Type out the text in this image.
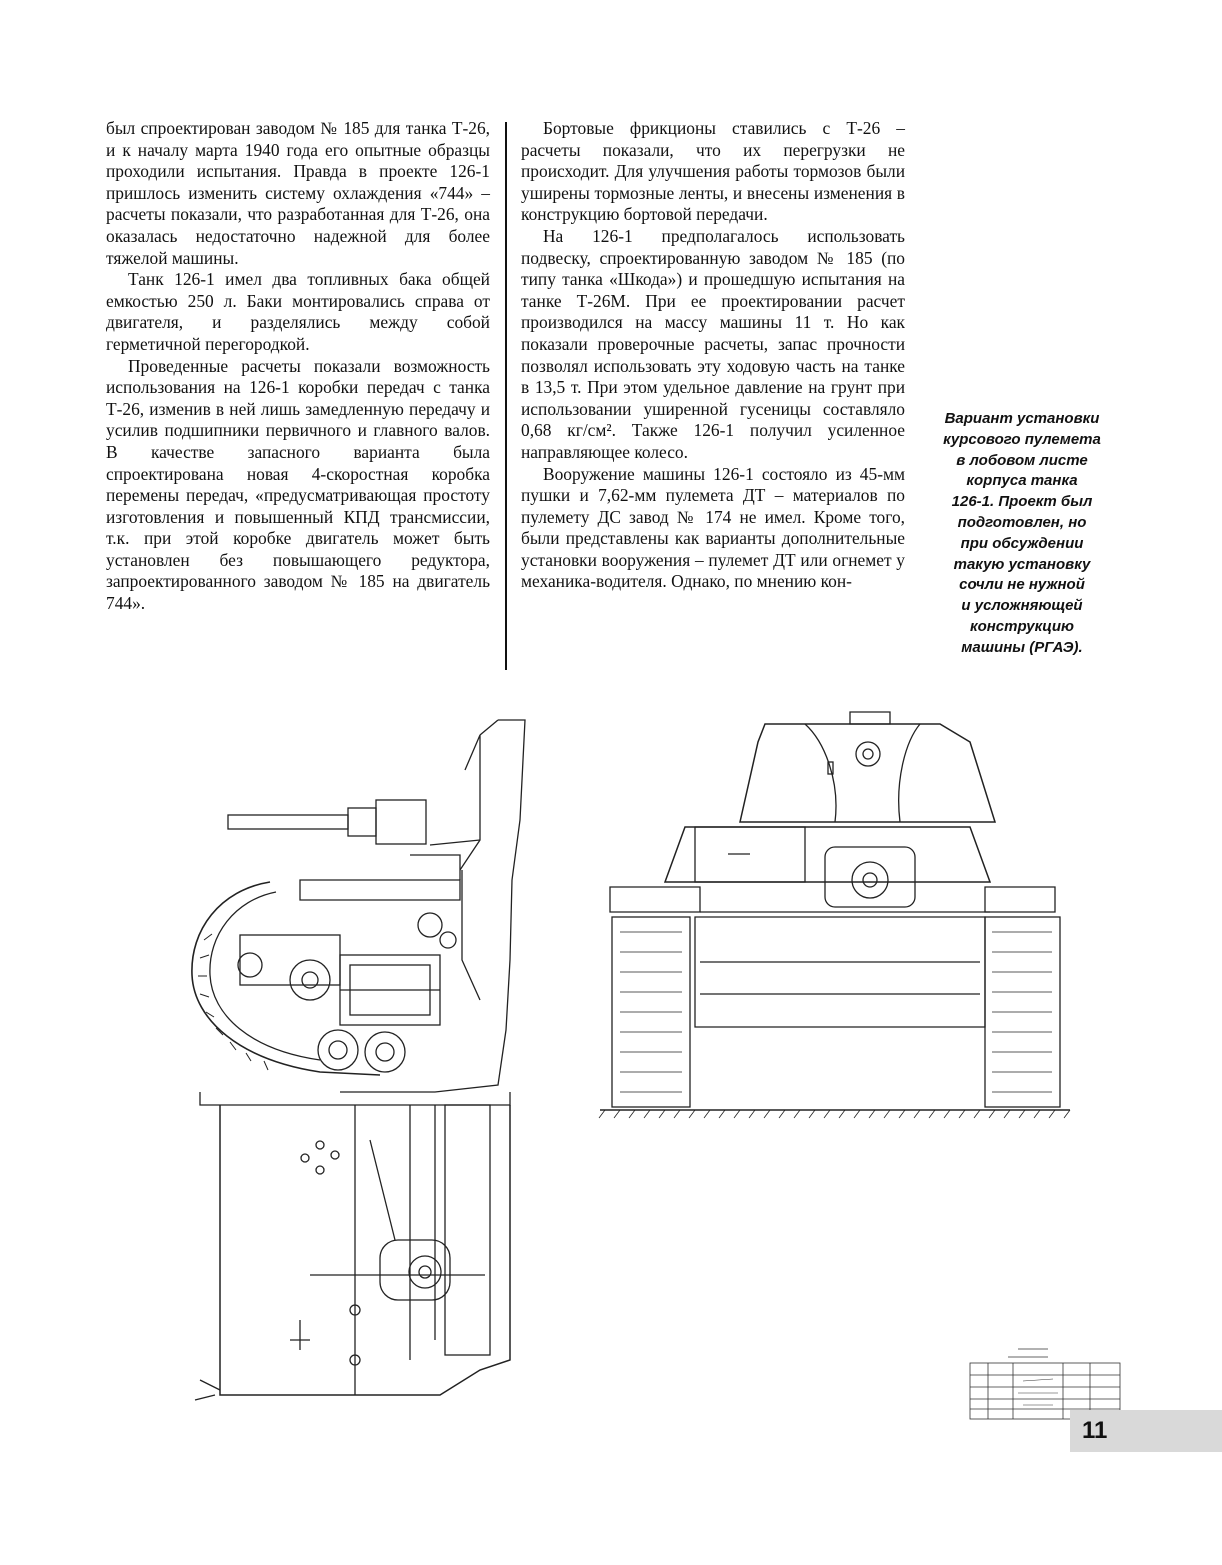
был спроектирован заводом № 185 для танка Т-26, и к началу марта 1940 года его опытные образцы проходили испытания. Правда в проекте 126-1 пришлось изменить систему охлаждения «744» – расчеты показали, что разработанная для Т-26, она оказалась недостаточно надежной для более тяжелой машины.

Танк 126-1 имел два топливных бака общей емкостью 250 л. Баки монтировались справа от двигателя, и разделялись между собой герметичной перегородкой.

Проведенные расчеты показали возможность использования на 126-1 коробки передач с танка Т-26, изменив в ней лишь замедленную передачу и усилив подшипники первичного и главного валов. В качестве запасного варианта была спроектирована новая 4-скоростная коробка перемены передач, «предусматривающая простоту изготовления и повышенный КПД трансмиссии, т.к. при этой коробке двигатель может быть установлен без повышающего редуктора, запроектированного заводом № 185 на двигатель 744».

Бортовые фрикционы ставились с Т-26 – расчеты показали, что их перегрузки не происходит. Для улучшения работы тормозов были уширены тормозные ленты, и внесены изменения в конструкцию бортовой передачи.

На 126-1 предполагалось использовать подвеску, спроектированную заводом № 185 (по типу танка «Шкода») и прошедшую испытания на танке Т-26М. При ее проектировании расчет производился на массу машины 11 т. Но как показали проверочные расчеты, запас прочности позволял использовать эту ходовую часть на танке в 13,5 т. При этом удельное давление на грунт при использовании уширенной гусеницы составляло 0,68 кг/см². Также 126-1 получил усиленное направляющее колесо.

Вооружение машины 126-1 состояло из 45-мм пушки и 7,62-мм пулемета ДТ – материалов по пулемету ДС завод № 174 не имел. Кроме того, были представлены как варианты дополнительные установки вооружения – пулемет ДТ или огнемет у механика-водителя. Однако, по мнению кон-

Вариант установки
курсового пулемета
в лобовом листе
корпуса танка
126-1. Проект был
подготовлен, но
при обсуждении
такую установку
сочли не нужной
и усложняющей
конструкцию
машины (РГАЭ).
11
